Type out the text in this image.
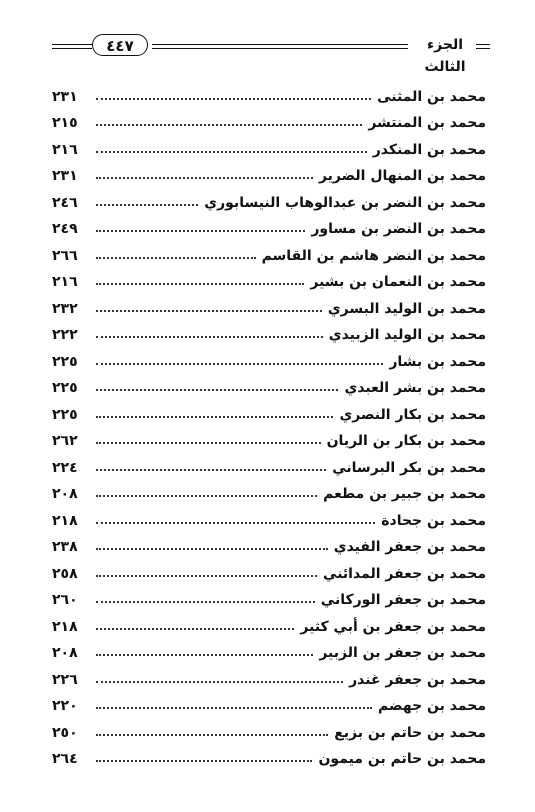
٤٤٧	الجزء الثالث
محمد بن المثنى
٢٣١
محمد بن المنتشر
٢١٥
محمد بن المنكدر
٢١٦
محمد بن المنهال الضرير
٢٣١
محمد بن النضر بن عبدالوهاب النيسابوري
٢٤٦
محمد بن النضر بن مساور
٢٤٩
محمد بن النضر هاشم بن القاسم
٢٦٦
محمد بن النعمان بن بشير
٢١٦
محمد بن الوليد البسري
٢٣٢
محمد بن الوليد الزبيدي
٢٢٢
محمد بن بشار
٢٢٥
محمد بن بشر العبدي
٢٢٥
محمد بن بكار النصري
٢٢٥
محمد بن بكار بن الريان
٢٦٢
محمد بن بكر البرساني
٢٢٤
محمد بن جبير بن مطعم
٢٠٨
محمد بن جحادة
٢١٨
محمد بن جعفر الفيدي
٢٣٨
محمد بن جعفر المدائني
٢٥٨
محمد بن جعفر الوركاني
٢٦٠
محمد بن جعفر بن أبي كثير
٢١٨
محمد بن جعفر بن الزبير
٢٠٨
محمد بن جعفر غندر
٢٢٦
محمد بن جهضم
٢٢٠
محمد بن حاتم بن بزيع
٢٥٠
محمد بن حاتم بن ميمون
٢٦٤
